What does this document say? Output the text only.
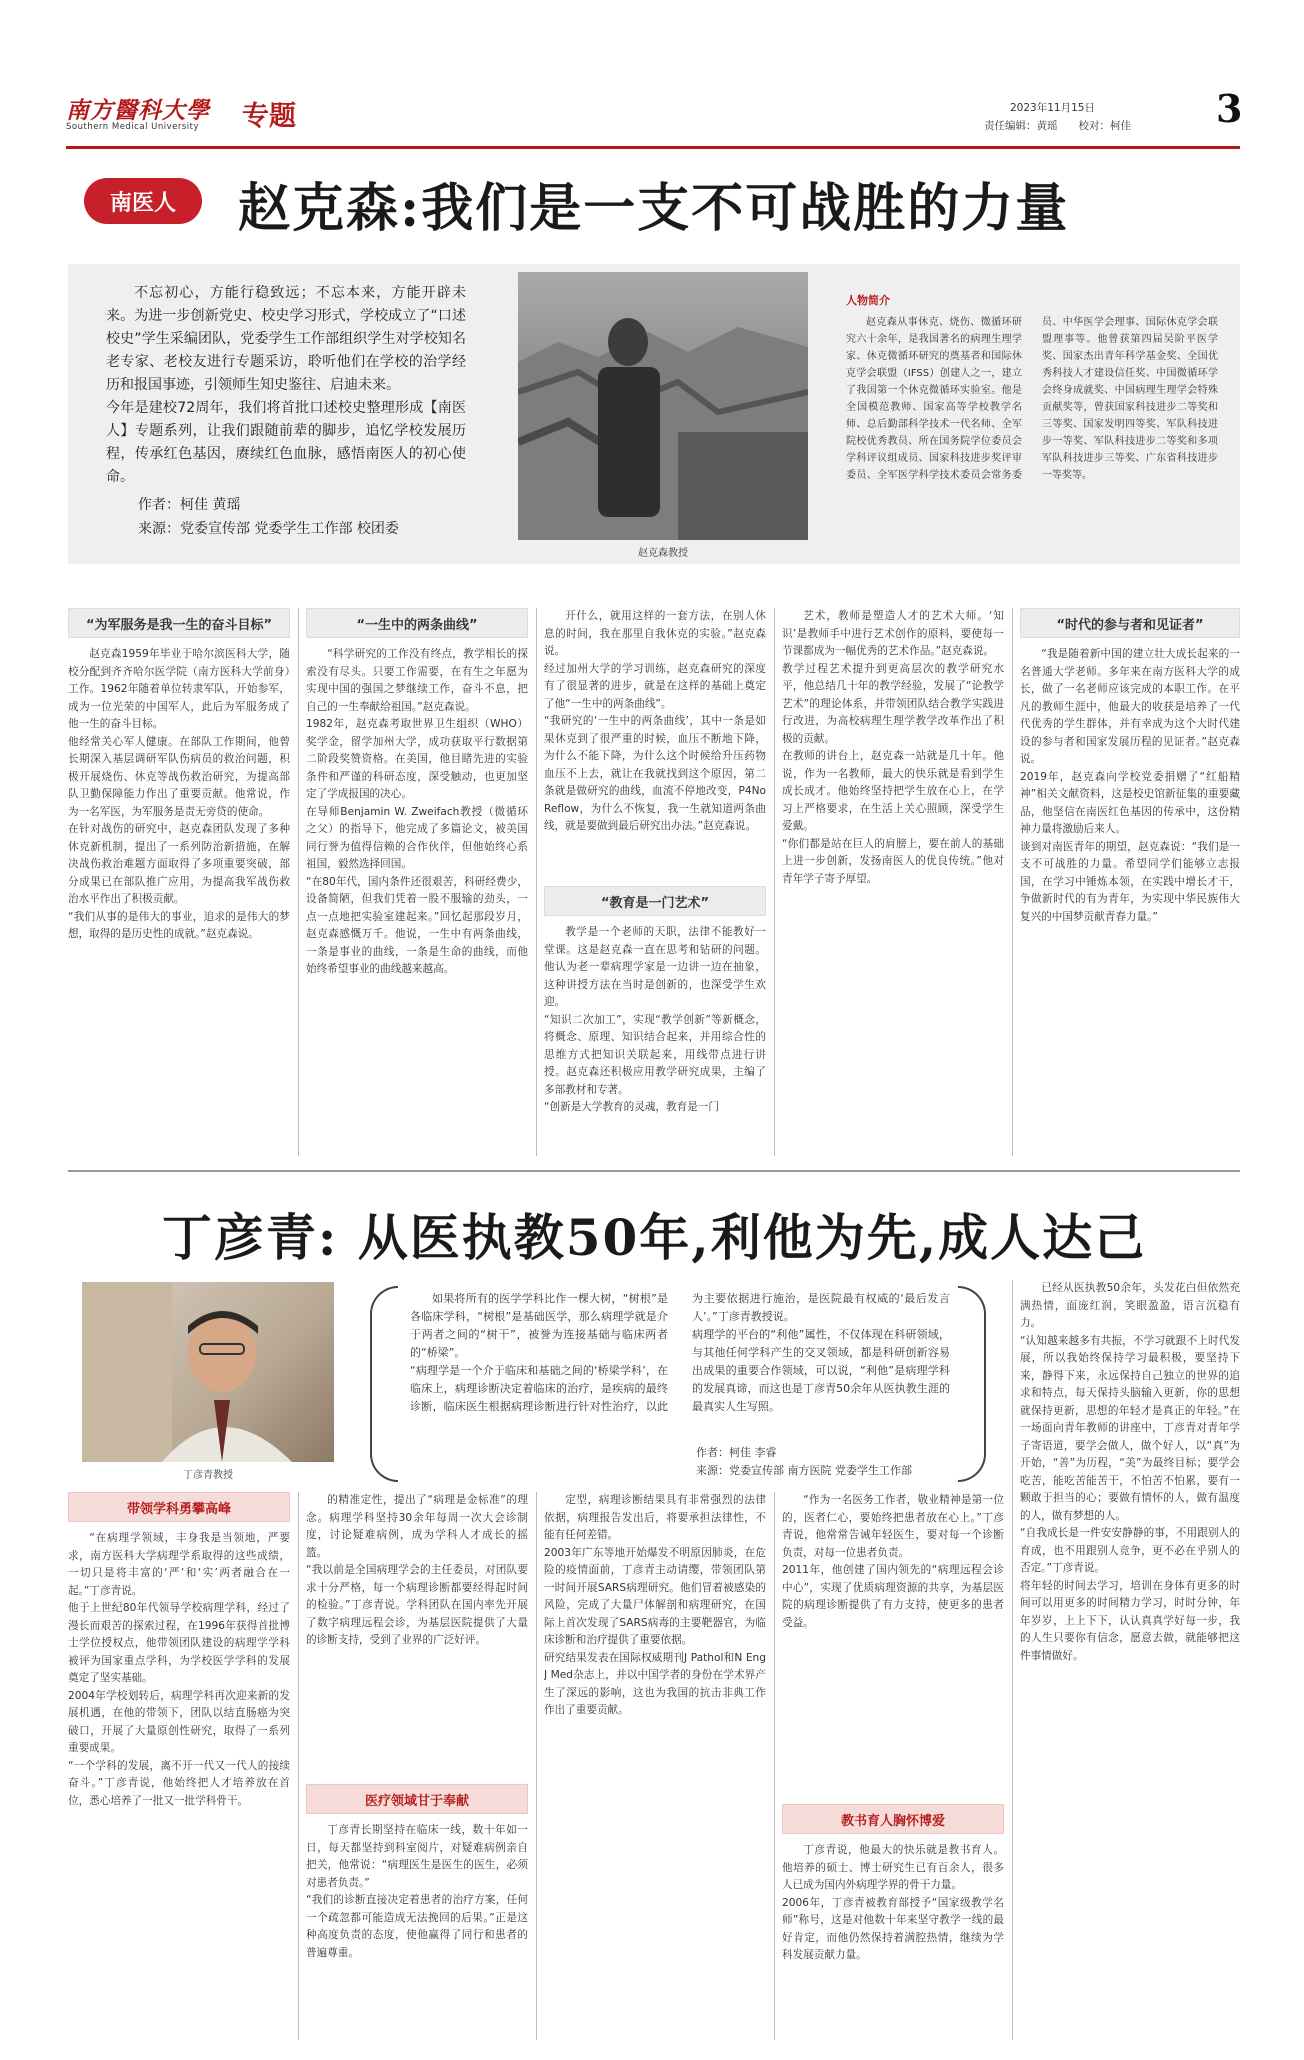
南方醫科大學
Southern Medical University 专题	2023年11月15日
责任编辑：黄瑶　　校对：柯佳 3
南医人 赵克森:我们是一支不可战胜的力量
不忘初心，方能行稳致远；不忘本来，方能开辟未来。为进一步创新党史、校史学习形式，学校成立了“口述校史”学生采编团队，党委学生工作部组织学生对学校知名老专家、老校友进行专题采访，聆听他们在学校的治学经历和报国事迹，引领师生知史鉴往、启迪未来。
今年是建校72周年，我们将首批口述校史整理形成【南医人】专题系列，让我们跟随前辈的脚步，追忆学校发展历程，传承红色基因，赓续红色血脉，感悟南医人的初心使命。
作者：柯佳 黄瑶
来源：党委宣传部 党委学生工作部 校团委
赵克森教授
人物简介
赵克森从事休克、烧伤、微循环研究六十余年，是我国著名的病理生理学家、休克微循环研究的奠基者和国际休克学会联盟（IFSS）创建人之一，建立了我国第一个休克微循环实验室。他是全国模范教师、国家高等学校教学名师、总后勤部科学技术一代名师、全军院校优秀教员、所在国务院学位委员会学科评议组成员、国家科技进步奖评审委员、全军医学科学技术委员会常务委员、中华医学会理事、国际休克学会联盟理事等。他曾获第四届吴阶平医学奖、国家杰出青年科学基金奖、全国优秀科技人才建设信任奖、中国微循环学会终身成就奖、中国病理生理学会特殊贡献奖等，曾获国家科技进步二等奖和三等奖、国家发明四等奖、军队科技进步一等奖、军队科技进步二等奖和多项军队科技进步三等奖、广东省科技进步一等奖等。
“为军服务是我一生的奋斗目标”
赵克森1959年毕业于哈尔滨医科大学，随校分配到齐齐哈尔医学院（南方医科大学前身）工作。1962年随着单位转隶军队，开始参军，成为一位光荣的中国军人，此后为军服务成了他一生的奋斗目标。
他经常关心军人健康。在部队工作期间，他曾长期深入基层调研军队伤病员的救治问题，积极开展烧伤、休克等战伤救治研究，为提高部队卫勤保障能力作出了重要贡献。他常说，作为一名军医，为军服务是责无旁贷的使命。
在针对战伤的研究中，赵克森团队发现了多种休克新机制，提出了一系列防治新措施，在解决战伤救治难题方面取得了多项重要突破，部分成果已在部队推广应用，为提高我军战伤救治水平作出了积极贡献。
“我们从事的是伟大的事业，追求的是伟大的梦想，取得的是历史性的成就。”赵克森说。
“一生中的两条曲线”
“科学研究的工作没有终点，教学相长的探索没有尽头。只要工作需要，在有生之年愿为实现中国的强国之梦继续工作，奋斗不息，把自己的一生奉献给祖国。”赵克森说。
1982年，赵克森考取世界卫生组织（WHO）奖学金，留学加州大学，成功获取平行数据第二阶段奖赞资格。在美国，他目睹先进的实验条件和严谨的科研态度，深受触动，也更加坚定了学成报国的决心。
在导师Benjamin W. Zweifach教授（微循环之父）的指导下，他完成了多篇论文，被美国同行誉为值得信赖的合作伙伴，但他始终心系祖国，毅然选择回国。
“在80年代，国内条件还很艰苦，科研经费少，设备简陋，但我们凭着一股不服输的劲头，一点一点地把实验室建起来。”回忆起那段岁月，赵克森感慨万千。他说，一生中有两条曲线，一条是事业的曲线，一条是生命的曲线，而他始终希望事业的曲线越来越高。
开什么，就用这样的一套方法，在别人休息的时间，我在那里自我休克的实验。”赵克森说。
经过加州大学的学习训练，赵克森研究的深度有了很显著的进步，就是在这样的基础上奠定了他“一生中的两条曲线”。
“我研究的‘一生中的两条曲线’，其中一条是如果休克到了很严重的时候，血压不断地下降，为什么不能下降，为什么这个时候给升压药物血压不上去，就让在我就找到这个原因，第二条就是做研究的曲线，血流不停地改变，P4No Reflow，为什么不恢复，我一生就知道两条曲线，就是要做到最后研究出办法。”赵克森说。
“教育是一门艺术”
教学是一个老师的天职，法律不能教好一堂课。这是赵克森一直在思考和钻研的问题。他认为老一辈病理学家是一边讲一边在抽象，这种讲授方法在当时是创新的，也深受学生欢迎。
“知识二次加工”，实现“教学创新”等新概念，将概念、原理、知识结合起来，并用综合性的思维方式把知识关联起来，用线带点进行讲授。赵克森还积极应用教学研究成果，主编了多部教材和专著。
“创新是大学教育的灵魂，教育是一门
艺术，教师是塑造人才的艺术大师。‘知识’是教师手中进行艺术创作的原料，要使每一节课都成为一幅优秀的艺术作品。”赵克森说。
教学过程艺术提升到更高层次的教学研究水平，他总结几十年的教学经验，发展了“论教学艺术”的理论体系，并带领团队结合教学实践进行改进，为高校病理生理学教学改革作出了积极的贡献。
在教师的讲台上，赵克森一站就是几十年。他说，作为一名教师，最大的快乐就是看到学生成长成才。他始终坚持把学生放在心上，在学习上严格要求，在生活上关心照顾，深受学生爱戴。
“你们都是站在巨人的肩膀上，要在前人的基础上进一步创新，发扬南医人的优良传统。”他对青年学子寄予厚望。
“时代的参与者和见证者”
“我是随着新中国的建立壮大成长起来的一名普通大学老师。多年来在南方医科大学的成长，做了一名老师应该完成的本职工作。在平凡的教师生涯中，他最大的收获是培养了一代代优秀的学生群体，并有幸成为这个大时代建设的参与者和国家发展历程的见证者。”赵克森说。
2019年，赵克森向学校党委捐赠了“红船精神”相关文献资料，这是校史馆新征集的重要藏品，他坚信在南医红色基因的传承中，这份精神力量将激励后来人。
谈到对南医青年的期望，赵克森说：“我们是一支不可战胜的力量。希望同学们能够立志报国，在学习中锤炼本领，在实践中增长才干，争做新时代的有为青年，为实现中华民族伟大复兴的中国梦贡献青春力量。”
丁彦青: 从医执教50年,利他为先,成人达己
丁彦青教授
如果将所有的医学学科比作一棵大树，“树根”是各临床学科，“树根”是基础医学，那么病理学就是介于两者之间的“树干”，被誉为连接基础与临床两者的“桥梁”。
“病理学是一个介于临床和基础之间的‘桥梁学科’，在临床上，病理诊断决定着临床的治疗，是疾病的最终诊断，临床医生根据病理诊断进行针对性治疗，以此为主要依据进行施治，是医院最有权威的‘最后发言人’。”丁彦青教授说。
病理学的平台的“利他”属性，不仅体现在科研领域，与其他任何学科产生的交叉领域，都是科研创新容易出成果的重要合作领域，可以说，“利他”是病理学科的发展真谛，而这也是丁彦青50余年从医执教生涯的最真实人生写照。
作者：柯佳 李睿
来源：党委宣传部 南方医院 党委学生工作部
已经从医执教50余年，头发花白但依然充满热情，面庞红润，笑眼盈盈，语言沉稳有力。
“认知越来越多有共振，不学习就跟不上时代发展，所以我始终保持学习最积极，要坚持下来，静得下来，永远保持自己独立的世界的追求和特点，每天保持头脑输入更新，你的思想就保持更新，思想的年轻才是真正的年轻。”在一场面向青年教师的讲座中，丁彦青对青年学子寄语道，要学会做人，做个好人，以“真”为开始，“善”为历程，“美”为最终目标；要学会吃苦，能吃苦能苦干，不怕苦不怕累，要有一颗敢于担当的心；要做有情怀的人，做有温度的人，做有梦想的人。
“自我成长是一件安安静静的事，不用跟别人的育成，也不用跟别人竞争，更不必在乎别人的否定。”丁彦青说。
将年轻的时间去学习，培训在身体有更多的时间可以用更多的时间精力学习，时时分钟，年年岁岁，上上下下，认认真真学好每一步，我的人生只要你有信念，愿意去做，就能够把这件事情做好。
带领学科勇攀高峰
“在病理学领域，丰身我是当领地，严要求，南方医科大学病理学系取得的这些成绩，一切只是将丰富的‘严’和‘实’两者融合在一起。”丁彦青说。
他于上世纪80年代领导学校病理学科，经过了漫长而艰苦的探索过程，在1996年获得首批博士学位授权点，他带领团队建设的病理学学科被评为国家重点学科，为学校医学学科的发展奠定了坚实基础。
2004年学校划转后，病理学科再次迎来新的发展机遇，在他的带领下，团队以结直肠癌为突破口，开展了大量原创性研究，取得了一系列重要成果。
“一个学科的发展，离不开一代又一代人的接续奋斗。”丁彦青说，他始终把人才培养放在首位，悉心培养了一批又一批学科骨干。
的精准定性，提出了“病理是金标准”的理念。病理学科坚持30余年每周一次大会诊制度，讨论疑难病例，成为学科人才成长的摇篮。
“我以前是全国病理学会的主任委员，对团队要求十分严格，每一个病理诊断都要经得起时间的检验。”丁彦青说。学科团队在国内率先开展了数字病理远程会诊，为基层医院提供了大量的诊断支持，受到了业界的广泛好评。
医疗领域甘于奉献
丁彦青长期坚持在临床一线，数十年如一日，每天都坚持到科室阅片，对疑难病例亲自把关，他常说：“病理医生是医生的医生，必须对患者负责。”
“我们的诊断直接决定着患者的治疗方案，任何一个疏忽都可能造成无法挽回的后果。”正是这种高度负责的态度，使他赢得了同行和患者的普遍尊重。
定型，病理诊断结果具有非常强烈的法律依据，病理报告发出后，将要承担法律性，不能有任何差错。
2003年广东等地开始爆发不明原因肺炎，在危险的疫情面前，丁彦青主动请缨，带领团队第一时间开展SARS病理研究。他们冒着被感染的风险，完成了大量尸体解剖和病理研究，在国际上首次发现了SARS病毒的主要靶器官，为临床诊断和治疗提供了重要依据。
研究结果发表在国际权威期刊J Pathol和N Eng J Med杂志上，并以中国学者的身份在学术界产生了深远的影响，这也为我国的抗击非典工作作出了重要贡献。
“作为一名医务工作者，敬业精神是第一位的，医者仁心，要始终把患者放在心上。”丁彦青说，他常常告诫年轻医生，要对每一个诊断负责，对每一位患者负责。
2011年，他创建了国内领先的“病理远程会诊中心”，实现了优质病理资源的共享，为基层医院的病理诊断提供了有力支持，使更多的患者受益。
教书育人胸怀博爱
丁彦青说，他最大的快乐就是教书育人。他培养的硕士、博士研究生已有百余人，很多人已成为国内外病理学界的骨干力量。
2006年，丁彦青被教育部授予“国家级教学名师”称号，这是对他数十年来坚守教学一线的最好肯定，而他仍然保持着满腔热情，继续为学科发展贡献力量。
